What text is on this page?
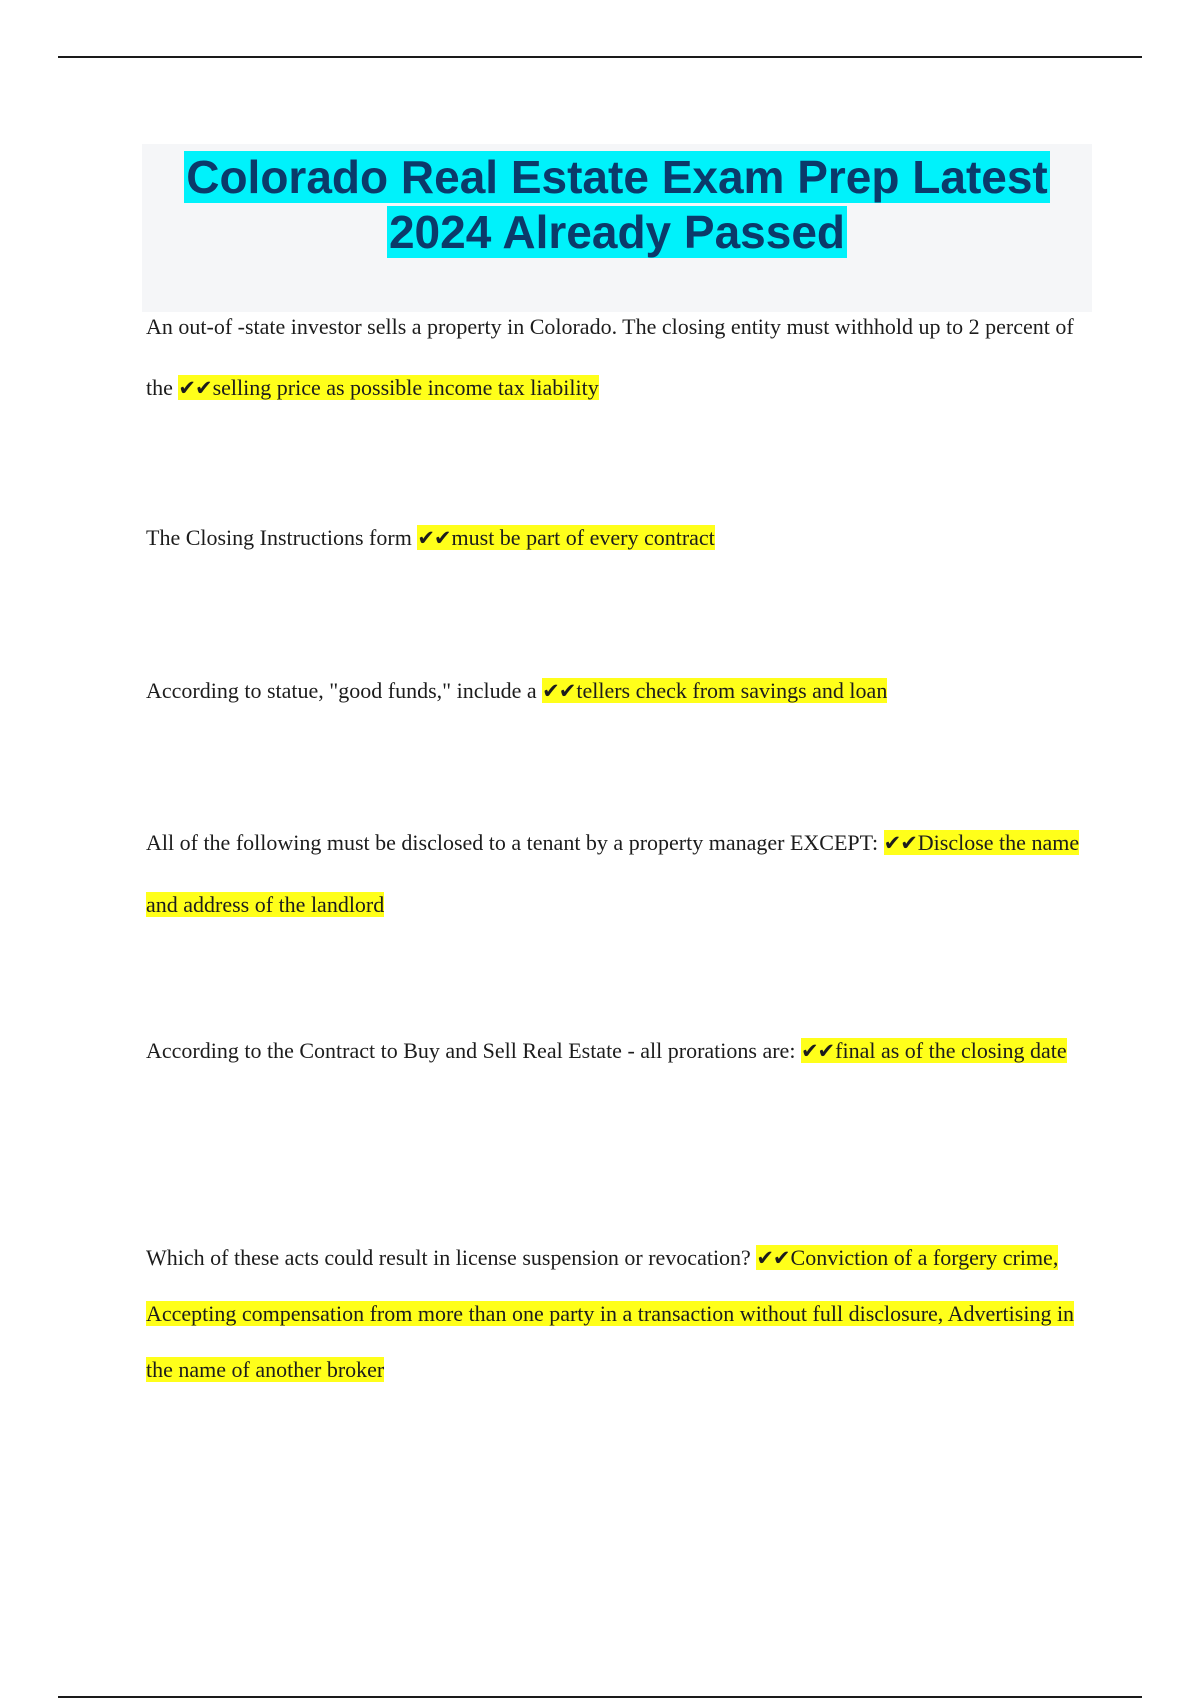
Colorado Real Estate Exam Prep Latest
2024 Already Passed

An out-of -state investor sells a property in Colorado. The closing entity must withhold up to 2 percent of the ✔✔selling price as possible income tax liability

The Closing Instructions form ✔✔must be part of every contract

According to statue, "good funds," include a ✔✔tellers check from savings and loan

All of the following must be disclosed to a tenant by a property manager EXCEPT: ✔✔Disclose the name and address of the landlord

According to the Contract to Buy and Sell Real Estate - all prorations are: ✔✔final as of the closing date

Which of these acts could result in license suspension or revocation? ✔✔Conviction of a forgery crime, Accepting compensation from more than one party in a transaction without full disclosure, Advertising in the name of another broker
